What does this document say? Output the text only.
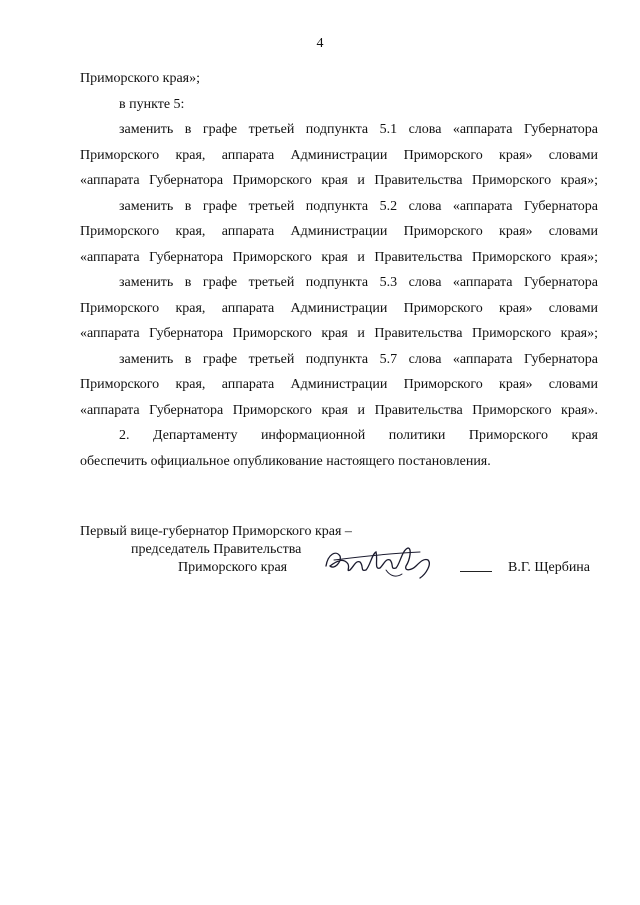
4
Приморского края»;
в пункте 5:
заменить в графе третьей подпункта 5.1 слова «аппарата Губернатора
Приморского края, аппарата Администрации Приморского края» словами
«аппарата Губернатора Приморского края и Правительства Приморского края»;
заменить в графе третьей подпункта 5.2 слова «аппарата Губернатора
Приморского края, аппарата Администрации Приморского края» словами
«аппарата Губернатора Приморского края и Правительства Приморского края»;
заменить в графе третьей подпункта 5.3 слова «аппарата Губернатора
Приморского края, аппарата Администрации Приморского края» словами
«аппарата Губернатора Приморского края и Правительства Приморского края»;
заменить в графе третьей подпункта 5.7 слова «аппарата Губернатора
Приморского края, аппарата Администрации Приморского края» словами
«аппарата Губернатора Приморского края и Правительства Приморского края».
2. Департаменту информационной политики Приморского края
обеспечить официальное опубликование настоящего постановления.
Первый вице-губернатор Приморского края –
председатель Правительства
Приморского края	В.Г. Щербина
